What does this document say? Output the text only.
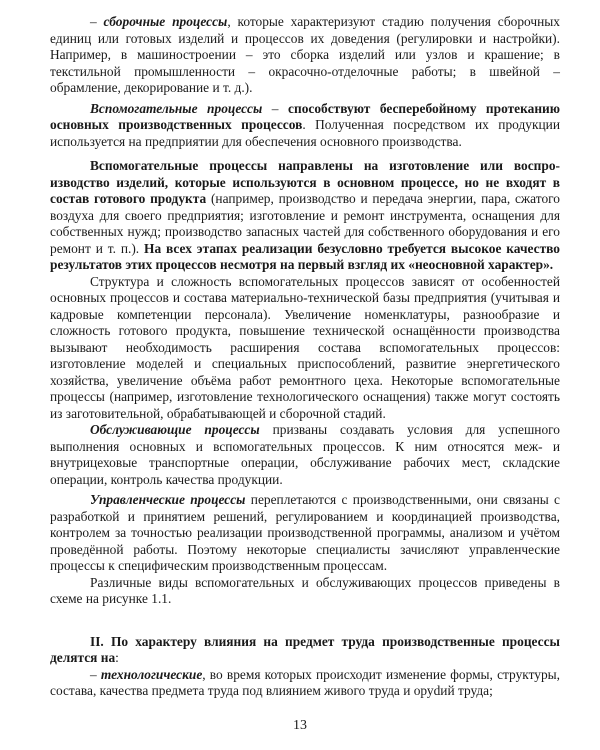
– сборочные процессы, которые характеризуют стадию получения сборочных единиц или готовых изделий и процессов их доведения (регулировки и настройки). Например, в машиностроении – это сборка изделий или узлов и крашение; в текстильной промышленности – окрасочно-отделочные работы; в швейной – обрамление, декорирование и т. д.).

Вспомогательные процессы – способствуют бесперебойному протеканию основных производственных процессов. Полученная посредством их продукции используется на предприятии для обеспечения основного производства.

Вспомогательные процессы направлены на изготовление или воспроизводство изделий, которые используются в основном процессе, но не входят в состав готового продукта (например, производство и передача энергии, пара, сжатого воздуха для своего предприятия; изготовление и ремонт инструмента, оснащения для собственных нужд; производство запасных частей для собственного оборудования и его ремонт и т. п.). На всех этапах реализации безусловно требуется высокое качество результатов этих процессов несмотря на первый взгляд их «неосновной характер».

Структура и сложность вспомогательных процессов зависят от особенностей основных процессов и состава материально-технической базы предприятия (учитывая и кадровые компетенции персонала). Увеличение номенклатуры, разнообразие и сложность готового продукта, повышение технической оснащённости производства вызывают необходимость расширения состава вспомогательных процессов: изготовление моделей и специальных приспособлений, развитие энергетического хозяйства, увеличение объёма работ ремонтного цеха. Некоторые вспомогательные процессы (например, изготовление технологического оснащения) также могут состоять из заготовительной, обрабатывающей и сборочной стадий.

Обслуживающие процессы призваны создавать условия для успешного выполнения основных и вспомогательных процессов. К ним относятся меж- и внутрицеховые транспортные операции, обслуживание рабочих мест, складские операции, контроль качества продукции.

Управленческие процессы переплетаются с производственными, они связаны с разработкой и принятием решений, регулированием и координацией производства, контролем за точностью реализации производственной программы, анализом и учётом проведённой работы. Поэтому некоторые специалисты зачисляют управленческие процессы к специфическим производственным процессам.

Различные виды вспомогательных и обслуживающих процессов приведены в схеме на рисунке 1.1.

II. По характеру влияния на предмет труда производственные процессы делятся на:

– технологические, во время которых происходит изменение формы, структуры, состава, качества предмета труда под влиянием живого труда и оруdий труда;

13
